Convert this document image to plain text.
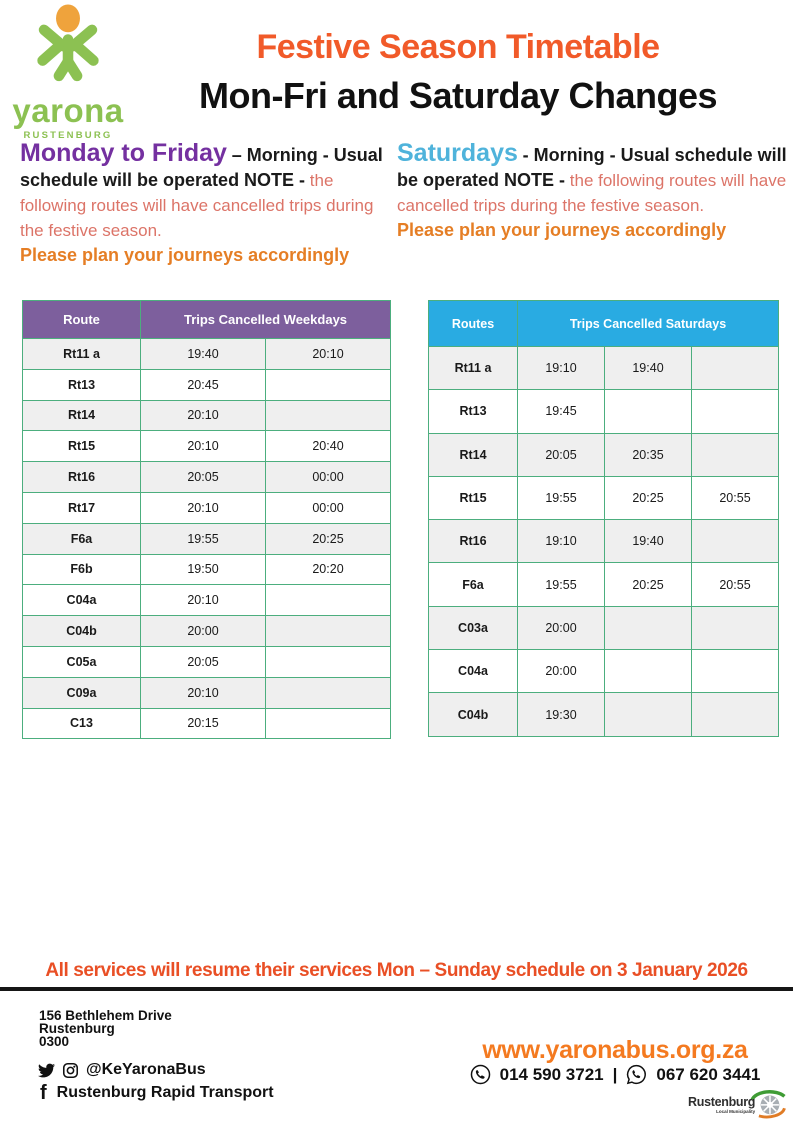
yarona
RUSTENBURG
Festive Season Timetable
Mon-Fri and Saturday Changes

Monday to Friday – Morning - Usual schedule will be operated NOTE - the following routes will have cancelled trips during the festive season.

Please plan your journeys accordingly

Saturdays - Morning - Usual schedule will be operated NOTE - the following routes will have cancelled trips during the festive season.

Please plan your journeys accordingly

Route	Trips Cancelled Weekdays	
Rt11 a	19:40	20:10
Rt13	20:45	
Rt14	20:10	
Rt15	20:10	20:40
Rt16	20:05	00:00
Rt17	20:10	00:00
F6a	19:55	20:25
F6b	19:50	20:20
C04a	20:10	
C04b	20:00	
C05a	20:05	
C09a	20:10	
C13	20:15	
Routes	Trips Cancelled Saturdays		
Rt11 a	19:10	19:40	
Rt13	19:45		
Rt14	20:05	20:35	
Rt15	19:55	20:25	20:55
Rt16	19:10	19:40	
F6a	19:55	20:25	20:55
C03a	20:00		
C04a	20:00		
C04b	19:30		
All services will resume their services Mon – Sunday schedule on 3 January 2026
156 Bethlehem Drive
Rustenburg
0300
@KeYaronaBus
f Rustenburg Rapid Transport
www.yaronabus.org.za
014 590 3721 | 067 620 3441
Rustenburg
Local Municipality
